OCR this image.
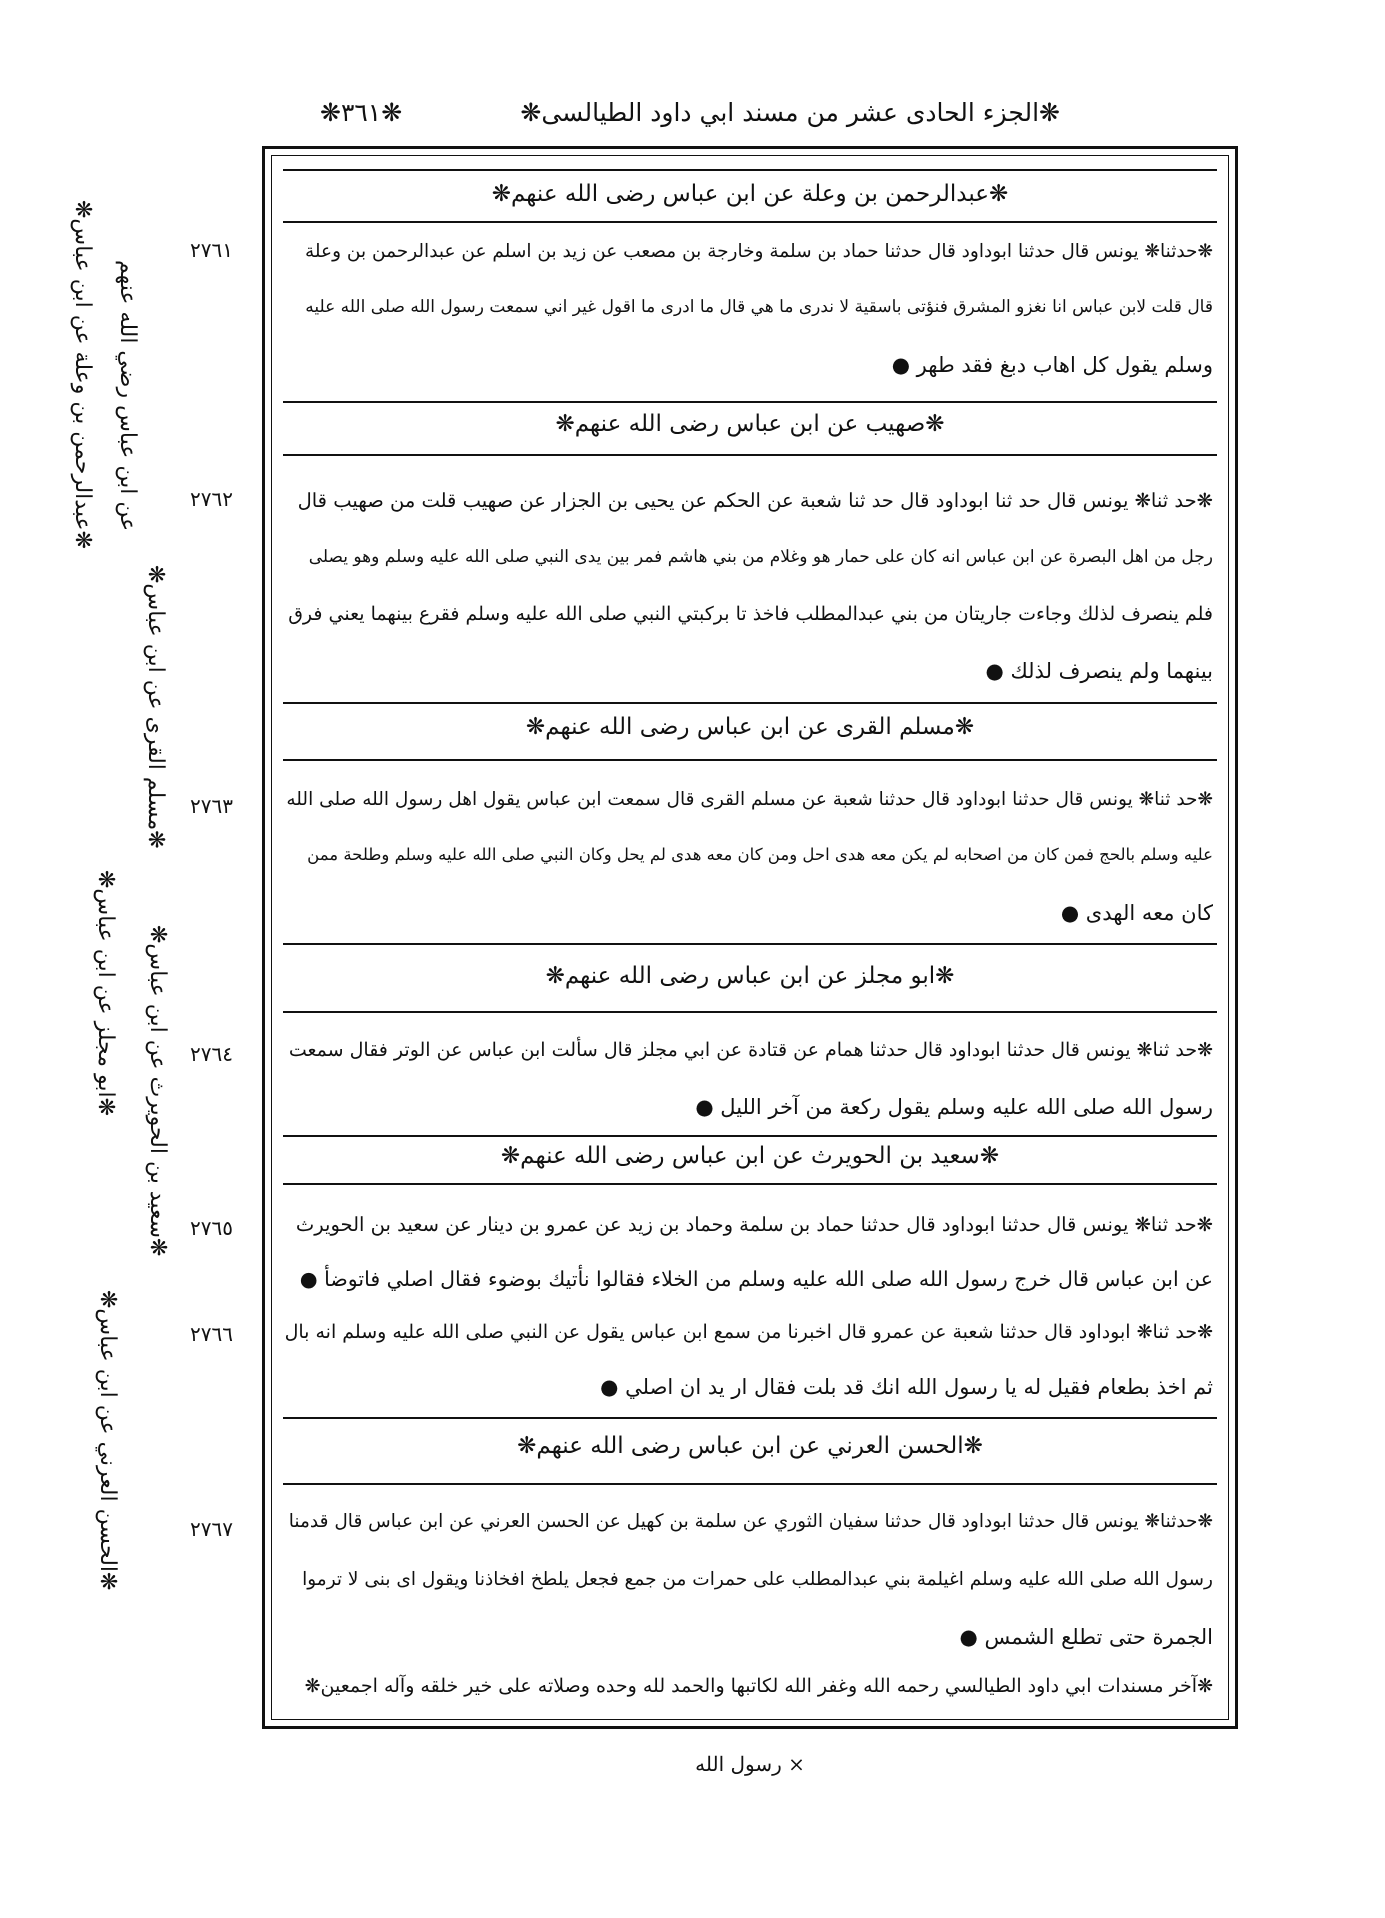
❋الجزء الحادى عشر من مسند ابي داود الطيالسى❋
❋٣٦١❋
٢٧٦١
٢٧٦٢
٢٧٦٣
٢٧٦٤
٢٧٦٥
٢٧٦٦
٢٧٦٧
❋عبدالرحمن بن وعلة عن ابن عباس❋ عن ابن عباس رضي الله عنهم
❋مسلم القرى عن ابن عباس❋
❋ابو مجلز عن ابن عباس❋ ❋سعيد بن الحويرث عن ابن عباس❋
❋الحسن العرني عن ابن عباس❋
❋عبدالرحمن بن وعلة عن ابن عباس رضى الله عنهم❋
❋حدثنا❋ يونس قال حدثنا ابوداود قال حدثنا حماد بن سلمة وخارجة بن مصعب عن زيد بن اسلم عن عبدالرحمن بن وعلة
قال قلت لابن عباس انا نغزو المشرق فنؤتى باسقية لا ندرى ما هي قال ما ادرى ما اقول غير اني سمعت رسول الله صلى الله عليه
وسلم يقول كل اهاب دبغ فقد طهر ●
❋صهيب عن ابن عباس رضى الله عنهم❋
❋حد ثنا❋ يونس قال حد ثنا ابوداود قال حد ثنا شعبة عن الحكم عن يحيى بن الجزار عن صهيب قلت من صهيب قال
رجل من اهل البصرة عن ابن عباس انه كان على حمار هو وغلام من بني هاشم فمر بين يدى النبي صلى الله عليه وسلم وهو يصلى
فلم ينصرف لذلك وجاءت جاريتان من بني عبدالمطلب فاخذ تا بركبتي النبي صلى الله عليه وسلم فقرع بينهما يعني فرق
بينهما ولم ينصرف لذلك ●
❋مسلم القرى عن ابن عباس رضى الله عنهم❋
❋حد ثنا❋ يونس قال حدثنا ابوداود قال حدثنا شعبة عن مسلم القرى قال سمعت ابن عباس يقول اهل رسول الله صلى الله
عليه وسلم بالحج فمن كان من اصحابه لم يكن معه هدى احل ومن كان معه هدى لم يحل وكان النبي صلى الله عليه وسلم وطلحة ممن
كان معه الهدى ●
❋ابو مجلز عن ابن عباس رضى الله عنهم❋
❋حد ثنا❋ يونس قال حدثنا ابوداود قال حدثنا همام عن قتادة عن ابي مجلز قال سألت ابن عباس عن الوتر فقال سمعت
رسول الله صلى الله عليه وسلم يقول ركعة من آخر الليل ●
❋سعيد بن الحويرث عن ابن عباس رضى الله عنهم❋
❋حد ثنا❋ يونس قال حدثنا ابوداود قال حدثنا حماد بن سلمة وحماد بن زيد عن عمرو بن دينار عن سعيد بن الحويرث
عن ابن عباس قال خرج رسول الله صلى الله عليه وسلم من الخلاء فقالوا نأتيك بوضوء فقال اصلي فاتوضأ ●
❋حد ثنا❋ ابوداود قال حدثنا شعبة عن عمرو قال اخبرنا من سمع ابن عباس يقول عن النبي صلى الله عليه وسلم انه بال
ثم اخذ بطعام فقيل له يا رسول الله انك قد بلت فقال ار يد ان اصلي ●
❋الحسن العرني عن ابن عباس رضى الله عنهم❋
❋حدثنا❋ يونس قال حدثنا ابوداود قال حدثنا سفيان الثوري عن سلمة بن كهيل عن الحسن العرني عن ابن عباس قال قدمنا
رسول الله صلى الله عليه وسلم اغيلمة بني عبدالمطلب على حمرات من جمع فجعل يلطخ افخاذنا ويقول اى بنى لا ترموا
الجمرة حتى تطلع الشمس ●
❋آخر مسندات ابي داود الطيالسي رحمه الله وغفر الله لكاتبها والحمد لله وحده وصلاته على خير خلقه وآله اجمعين❋
× رسول الله
